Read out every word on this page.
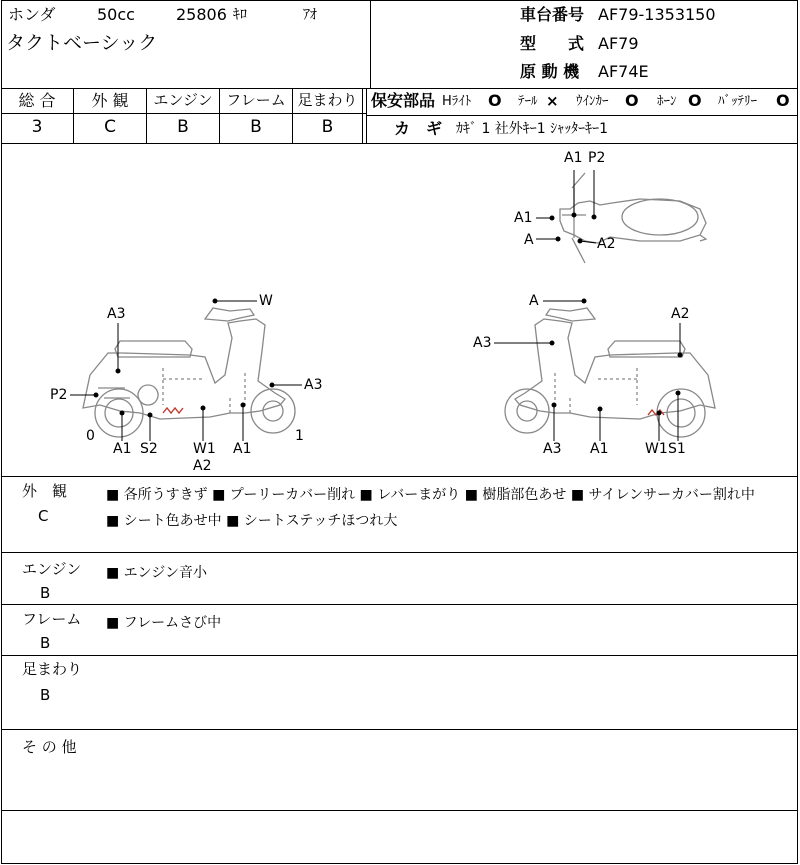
ホンダ	50cc	25806 ｷﾛ	ｱｵ
タクトベーシック
車台番号 AF79-1353150
型　　式 AF79
原 動 機 AF74E
総 合	外 観	エンジン フレーム 足まわり
3	C	B	B	B
保安部品 Hﾗｲﾄ O ﾃｰﾙ × ｳｲﾝｶｰ O ﾎｰﾝ O ﾊﾞｯﾃﾘｰ O
カ　ギ ｶｷﾞ 1 社外ｷｰ1 ｼｬｯﾀｰｷｰ1
A1 P2
A1
A	A2
W
A3
P2
A3
0
A1 S2	W1
A2
A1
1
A
A2
A3
A3 A1	W1 S1
外　観
C
■ 各所うすきず ■ プーリーカバー削れ ■ レバーまがり ■ 樹脂部色あせ ■ サイレンサーカバー割れ中
■ シート色あせ中 ■ シートステッチほつれ大
エンジン
B
■ エンジン音小
フレーム
B
■ フレームさび中
足まわり
B
そ の 他
